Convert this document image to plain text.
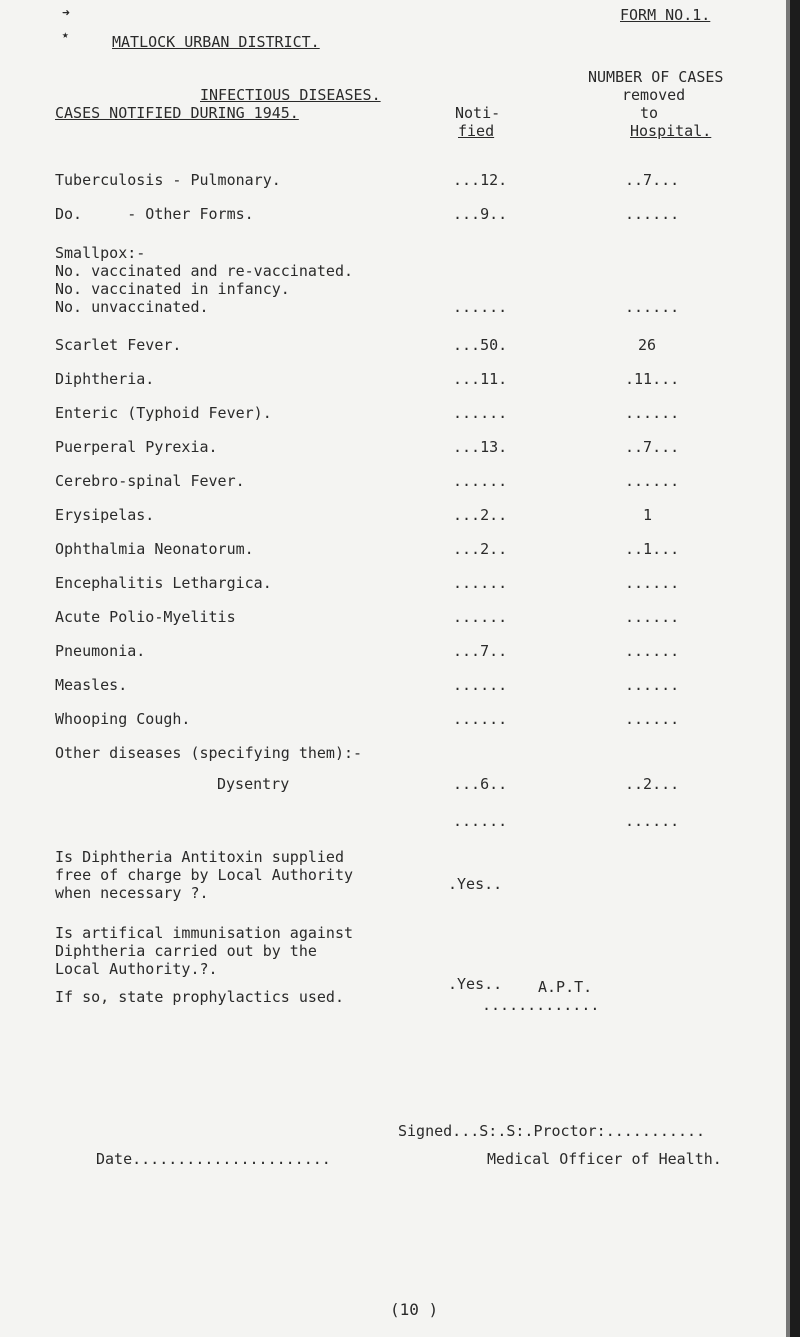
➜
★
FORM NO.1.
MATLOCK URBAN DISTRICT.
INFECTIOUS DISEASES.
CASES NOTIFIED DURING 1945.	Noti-
fied
NUMBER OF CASES
removed
to
Hospital.
Tuberculosis - Pulmonary.	...12.	..7...
Do.     - Other Forms.	...9..	......
Smallpox:-
No. vaccinated and re-vaccinated.
No. vaccinated in infancy.
No. unvaccinated.	......	......
Scarlet Fever.	...50.	26
Diphtheria.	...11.	.11...
Enteric (Typhoid Fever).	......	......
Puerperal Pyrexia.	...13.	..7...
Cerebro-spinal Fever.	......	......
Erysipelas.	...2..	1
Ophthalmia Neonatorum.	...2..	..1...
Encephalitis Lethargica.	......	......
Acute Polio-Myelitis	......	......
Pneumonia.	...7..	......
Measles.	......	......
Whooping Cough.	......	......
Other diseases (specifying them):-
Dysentry	...6..	..2...
......	......
Is Diphtheria Antitoxin supplied
free of charge by Local Authority
when necessary ?.	.Yes..
Is artifical immunisation against
Diphtheria carried out by the
Local Authority.?.
.Yes..
If so, state prophylactics used.
A.P.T.
.............
Signed...S:.S:.Proctor:...........
Date......................	Medical Officer of Health.
(10 )
